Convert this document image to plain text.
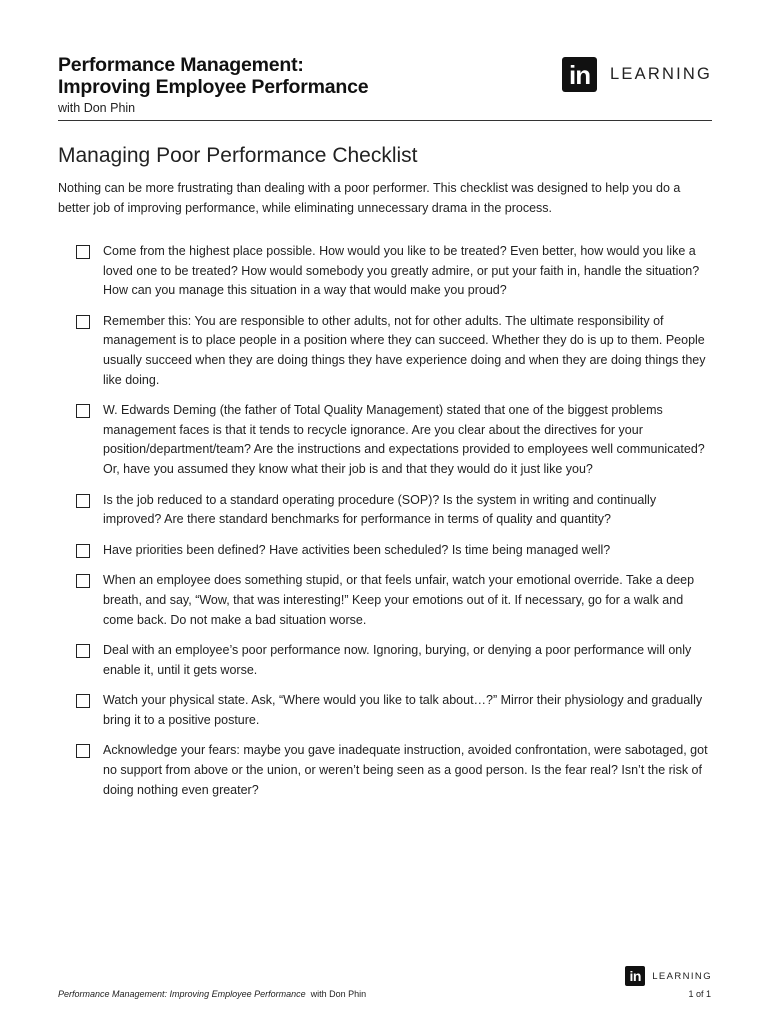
Performance Management:
Improving Employee Performance
with Don Phin
in	LEARNING
Managing Poor Performance Checklist
Nothing can be more frustrating than dealing with a poor performer. This checklist was designed to help you do a better job of improving performance, while eliminating unnecessary drama in the process.
Come from the highest place possible. How would you like to be treated? Even better, how would you like a loved one to be treated? How would somebody you greatly admire, or put your faith in, handle the situation? How can you manage this situation in a way that would make you proud?
Remember this: You are responsible to other adults, not for other adults. The ultimate responsibility of management is to place people in a position where they can succeed. Whether they do is up to them. People usually succeed when they are doing things they have experience doing and when they are doing things they like doing.
W. Edwards Deming (the father of Total Quality Management) stated that one of the biggest problems management faces is that it tends to recycle ignorance. Are you clear about the directives for your position/department/team? Are the instructions and expectations provided to employees well communicated? Or, have you assumed they know what their job is and that they would do it just like you?
Is the job reduced to a standard operating procedure (SOP)? Is the system in writing and continually improved? Are there standard benchmarks for performance in terms of quality and quantity?
Have priorities been defined? Have activities been scheduled? Is time being managed well?
When an employee does something stupid, or that feels unfair, watch your emotional override. Take a deep breath, and say, “Wow, that was interesting!” Keep your emotions out of it. If necessary, go for a walk and come back. Do not make a bad situation worse.
Deal with an employee’s poor performance now. Ignoring, burying, or denying a poor performance will only enable it, until it gets worse.
Watch your physical state. Ask, “Where would you like to talk about…?” Mirror their physiology and gradually bring it to a positive posture.
Acknowledge your fears: maybe you gave inadequate instruction, avoided confrontation, were sabotaged, got no support from above or the union, or weren’t being seen as a good person. Is the fear real? Isn’t the risk of doing nothing even greater?
in	LEARNING
Performance Management: Improving Employee Performance with Don Phin	1 of 1
